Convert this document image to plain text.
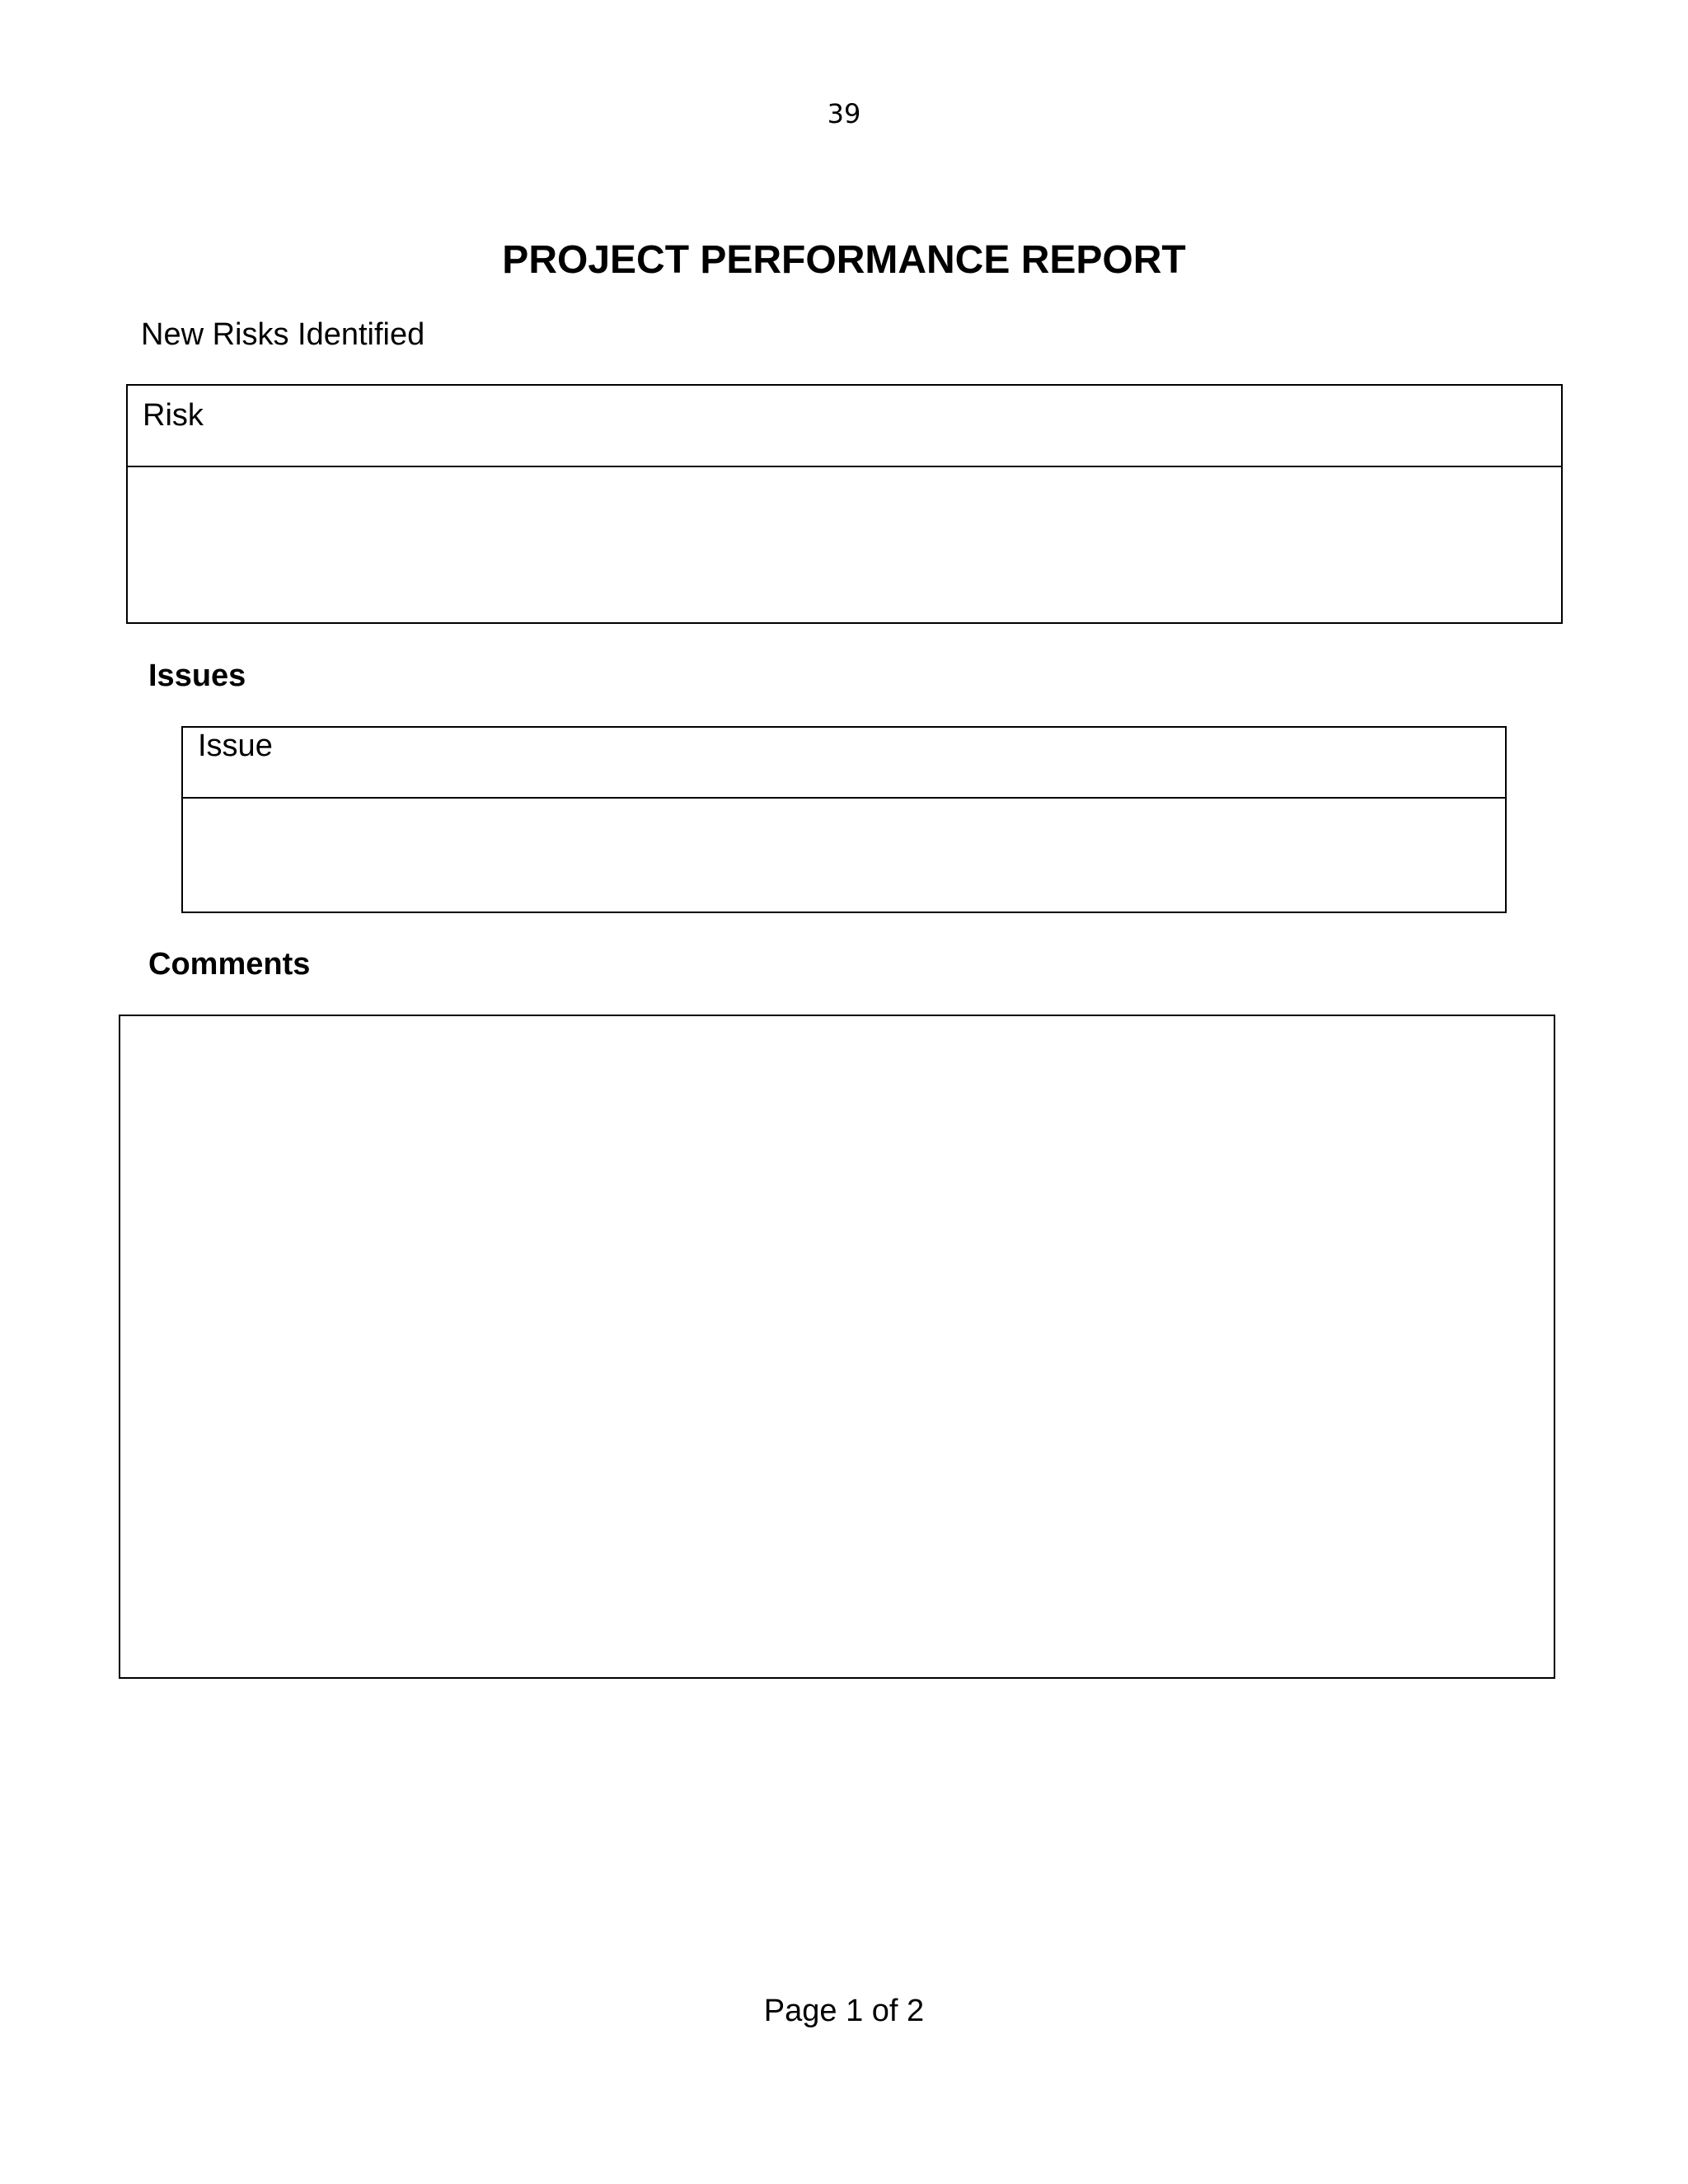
39
PROJECT PERFORMANCE REPORT
New Risks Identified
Risk
Issues
Issue
Comments
Page 1 of 2
